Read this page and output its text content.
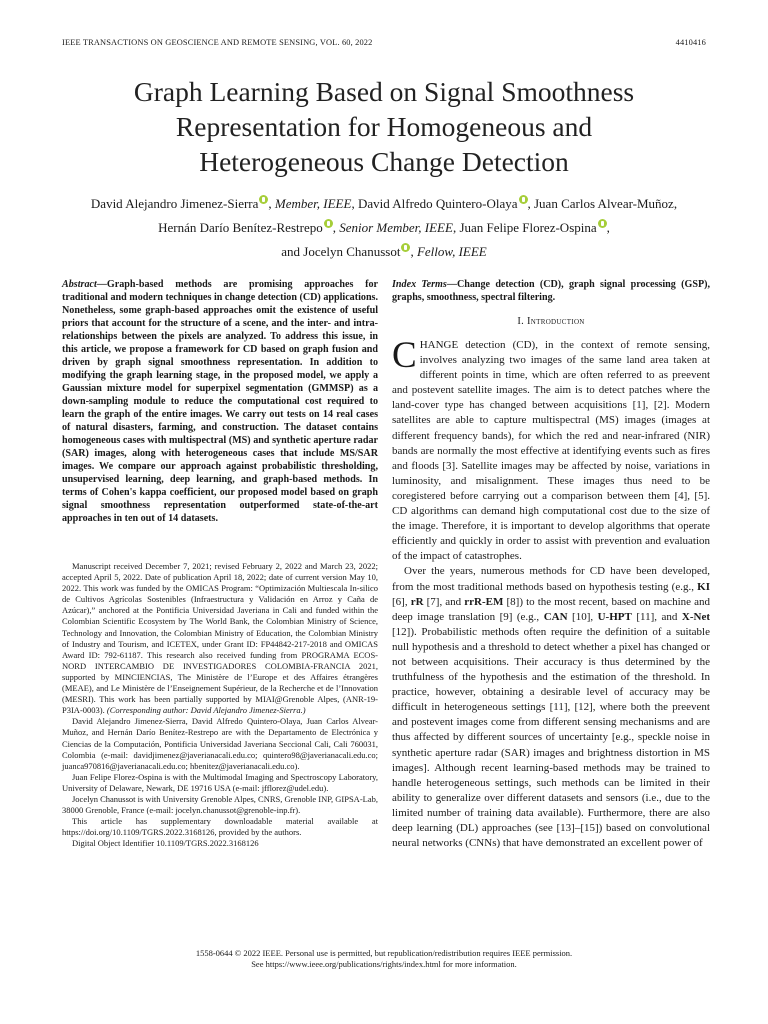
IEEE TRANSACTIONS ON GEOSCIENCE AND REMOTE SENSING, VOL. 60, 2022	4410416
Graph Learning Based on Signal Smoothness
Representation for Homogeneous and
Heterogeneous Change Detection
David Alejandro Jimenez-Sierra , Member, IEEE, David Alfredo Quintero-Olaya , Juan Carlos Alvear-Muñoz,
Hernán Darío Benítez-Restrepo , Senior Member, IEEE, Juan Felipe Florez-Ospina ,
and Jocelyn Chanussot , Fellow, IEEE
Abstract—Graph-based methods are promising approaches for traditional and modern techniques in change detection (CD) applications. Nonetheless, some graph-based approaches omit the existence of useful priors that account for the structure of a scene, and the inter- and intra-relationships between the pixels are analyzed. To address this issue, in this article, we propose a framework for CD based on graph fusion and driven by graph signal smoothness representation. In addition to modifying the graph learning stage, in the proposed model, we apply a Gaussian mixture model for superpixel segmentation (GMMSP) as a down-sampling module to reduce the computational cost required to learn the graph of the entire images. We carry out tests on 14 real cases of natural disasters, farming, and construction. The dataset contains homogeneous cases with multispectral (MS) and synthetic aperture radar (SAR) images, along with heterogeneous cases that include MS/SAR images. We compare our approach against probabilistic thresholding, unsupervised learning, deep learning, and graph-based methods. In terms of Cohen's kappa coefficient, our proposed model based on graph signal smoothness representation outperformed state-of-the-art approaches in ten out of 14 datasets.

Manuscript received December 7, 2021; revised February 2, 2022 and March 23, 2022; accepted April 5, 2022. Date of publication April 18, 2022; date of current version May 10, 2022. This work was funded by the OMICAS Program: “Optimización Multiescala In-silico de Cultivos Agrícolas Sostenibles (Infraestructura y Validación en Arroz y Caña de Azúcar),” anchored at the Pontificia Universidad Javeriana in Cali and funded within the Colombian Scientific Ecosystem by The World Bank, the Colombian Ministry of Science, Technology and Innovation, the Colombian Ministry of Education, the Colombian Ministry of Industry and Tourism, and ICETEX, under Grant ID: FP44842-217-2018 and OMICAS Award ID: 792-61187. This research also received funding from PROGRAMA ECOS-NORD INTERCAMBIO DE INVESTIGADORES COLOMBIA-FRANCIA 2021, supported by MINCIENCIAS, The Ministère de l’Europe et des Affaires étrangères (MEAE), and Le Ministère de l’Enseignement Supérieur, de la Recherche et de l’Innovation (MESRI). This work has been partially supported by MIAI@Grenoble Alpes, (ANR-19-P3IA-0003). (Corresponding author: David Alejandro Jimenez-Sierra.)

David Alejandro Jimenez-Sierra, David Alfredo Quintero-Olaya, Juan Carlos Alvear-Muñoz, and Hernán Darío Benítez-Restrepo are with the Departamento de Electrónica y Ciencias de la Computación, Pontificia Universidad Javeriana Seccional Cali, Cali 760031, Colombia (e-mail: davidjimenez@javerianacali.edu.co; quintero98@javerianacali.edu.co; juanca970816@javerianacali.edu.co; hbenitez@javerianacali.edu.co).

Juan Felipe Florez-Ospina is with the Multimodal Imaging and Spectroscopy Laboratory, University of Delaware, Newark, DE 19716 USA (e-mail: jfflorez@udel.edu).

Jocelyn Chanussot is with University Grenoble Alpes, CNRS, Grenoble INP, GIPSA-Lab, 38000 Grenoble, France (e-mail: jocelyn.chanussot@grenoble-inp.fr).

This article has supplementary downloadable material available at https://doi.org/10.1109/TGRS.2022.3168126, provided by the authors.

Digital Object Identifier 10.1109/TGRS.2022.3168126

Index Terms—Change detection (CD), graph signal processing (GSP), graphs, smoothness, spectral filtering.
I. Introduction

CHANGE detection (CD), in the context of remote sensing, involves analyzing two images of the same land area taken at different points in time, which are often referred to as preevent and postevent satellite images. The aim is to detect patches where the land-cover type has changed between acquisitions [1], [2]. Modern satellites are able to capture multispectral (MS) images (images at different frequency bands), for which the red and near-infrared (NIR) bands are normally the most effective at identifying events such as fires and floods [3]. Satellite images may be affected by noise, variations in luminosity, and misalignment. These images thus need to be coregistered before carrying out a comparison between them [4], [5]. CD algorithms can demand high computational cost due to the size of the image. Therefore, it is important to develop algorithms that operate efficiently and quickly in order to assist with prevention and evaluation of the impact of catastrophes.

Over the years, numerous methods for CD have been developed, from the most traditional methods based on hypothesis testing (e.g., KI [6], rR [7], and rrR-EM [8]) to the most recent, based on machine and deep image translation [9] (e.g., CAN [10], U-HPT [11], and X-Net [12]). Probabilistic methods often require the definition of a suitable null hypothesis and a threshold to detect whether a pixel has changed or not between acquisitions. Their accuracy is thus determined by the truthfulness of the hypothesis and the estimation of the threshold. In practice, however, obtaining a desirable level of accuracy may be difficult in heterogeneous settings [11], [12], where both the preevent and postevent images come from different sensing mechanisms and are thus affected by different sources of uncertainty [e.g., speckle noise in synthetic aperture radar (SAR) images and brightness distortion in MS images]. Although recent learning-based methods may be trained to handle heterogeneous settings, such methods can be limited in their ability to generalize over different datasets and sensors (i.e., due to the limited number of training data available). Furthermore, there are also deep learning (DL) approaches (see [13]–[15]) based on convolutional neural networks (CNNs) that have demonstrated an excellent power of

1558-0644 © 2022 IEEE. Personal use is permitted, but republication/redistribution requires IEEE permission.
See https://www.ieee.org/publications/rights/index.html for more information.
